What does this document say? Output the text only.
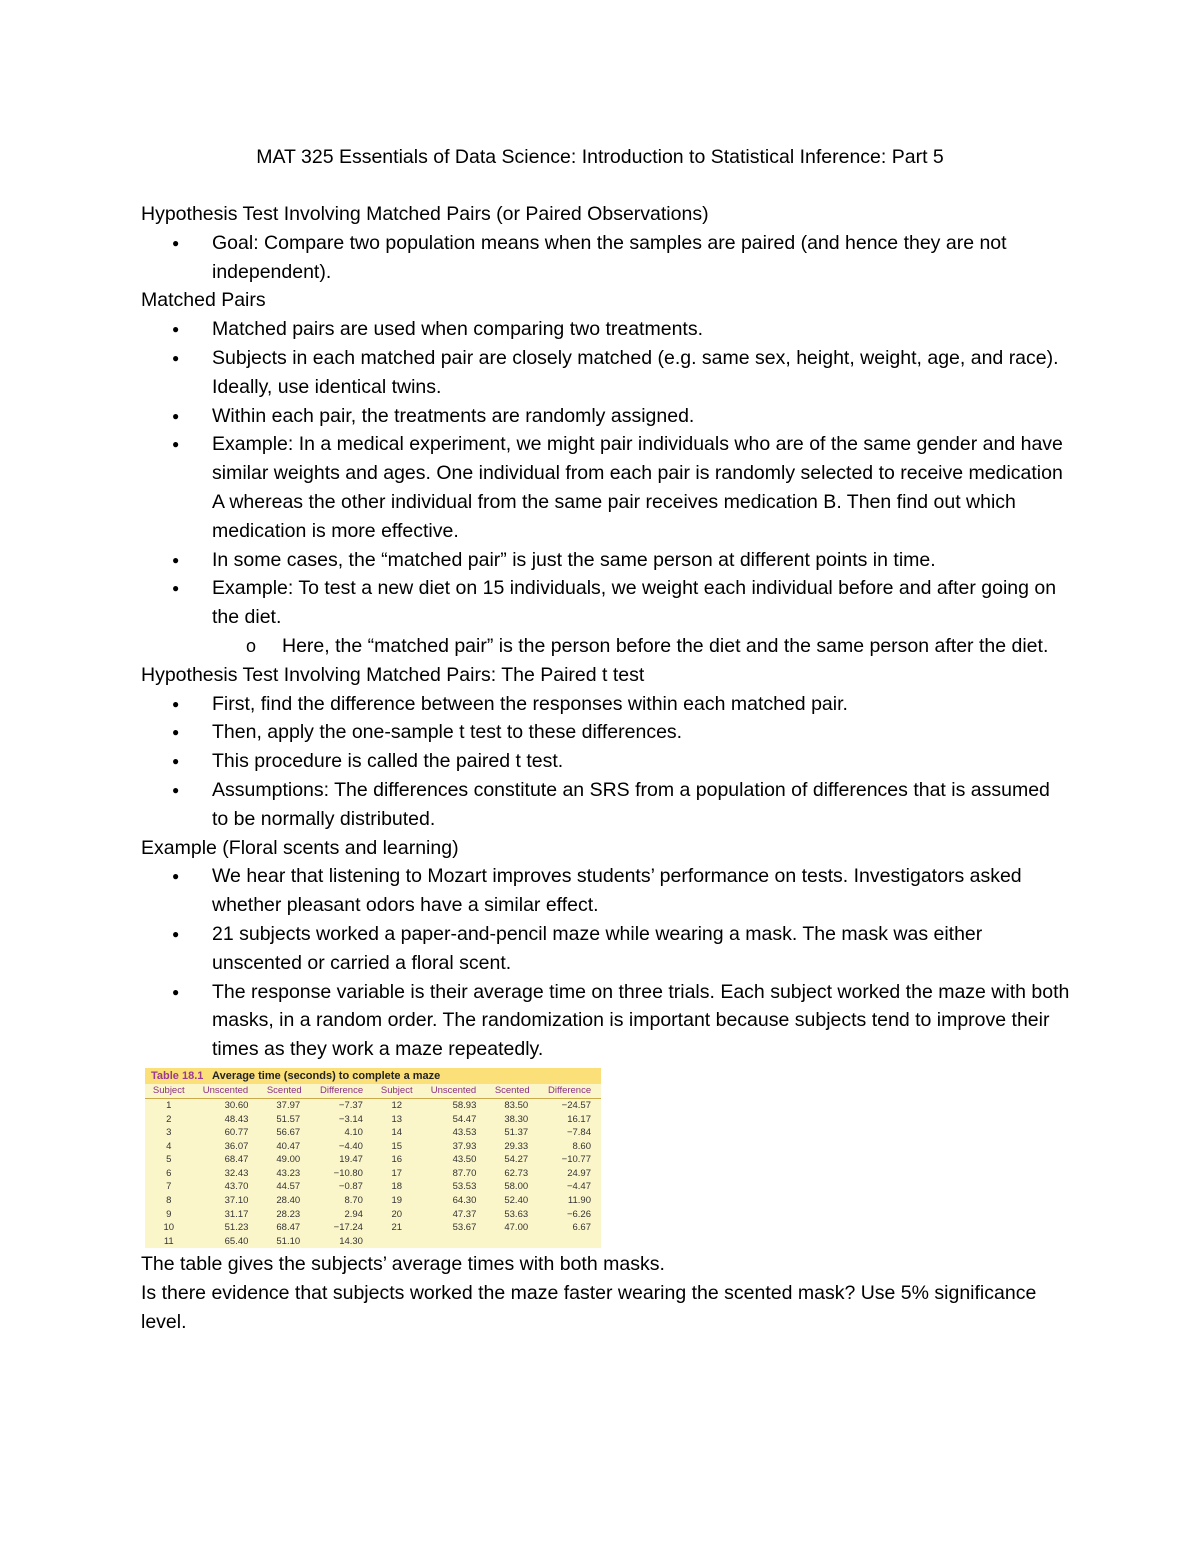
MAT 325 Essentials of Data Science: Introduction to Statistical Inference: Part 5

Hypothesis Test Involving Matched Pairs (or Paired Observations)

● Goal: Compare two population means when the samples are paired (and hence they are not independent).

Matched Pairs

● Matched pairs are used when comparing two treatments.
● Subjects in each matched pair are closely matched (e.g. same sex, height, weight, age, and race). Ideally, use identical twins.
● Within each pair, the treatments are randomly assigned.
● Example: In a medical experiment, we might pair individuals who are of the same gender and have similar weights and ages. One individual from each pair is randomly selected to receive medication A whereas the other individual from the same pair receives medication B. Then find out which medication is more effective.
● In some cases, the “matched pair” is just the same person at different points in time.
● Example: To test a new diet on 15 individuals, we weight each individual before and after going on the diet.
o Here, the “matched pair” is the person before the diet and the same person after the diet.

Hypothesis Test Involving Matched Pairs: The Paired t test

● First, find the difference between the responses within each matched pair.
● Then, apply the one-sample t test to these differences.
● This procedure is called the paired t test.
● Assumptions: The differences constitute an SRS from a population of differences that is assumed to be normally distributed.

Example (Floral scents and learning)

● We hear that listening to Mozart improves students’ performance on tests. Investigators asked whether pleasant odors have a similar effect.
● 21 subjects worked a paper-and-pencil maze while wearing a mask. The mask was either unscented or carried a floral scent.
● The response variable is their average time on three trials. Each subject worked the maze with both masks, in a random order. The randomization is important because subjects tend to improve their times as they work a maze repeatedly.
Table 18.1 Average time (seconds) to complete a maze
Subject	Unscented	Scented	Difference	Subject	Unscented	Scented	Difference
1	30.60	37.97	−7.37	12	58.93	83.50	−24.57
2	48.43	51.57	−3.14	13	54.47	38.30	16.17
3	60.77	56.67	4.10	14	43.53	51.37	−7.84
4	36.07	40.47	−4.40	15	37.93	29.33	8.60
5	68.47	49.00	19.47	16	43.50	54.27	−10.77
6	32.43	43.23	−10.80	17	87.70	62.73	24.97
7	43.70	44.57	−0.87	18	53.53	58.00	−4.47
8	37.10	28.40	8.70	19	64.30	52.40	11.90
9	31.17	28.23	2.94	20	47.37	53.63	−6.26
10	51.23	68.47	−17.24	21	53.67	47.00	6.67
11	65.40	51.10	14.30				

The table gives the subjects’ average times with both masks.

Is there evidence that subjects worked the maze faster wearing the scented mask? Use 5% significance level.
